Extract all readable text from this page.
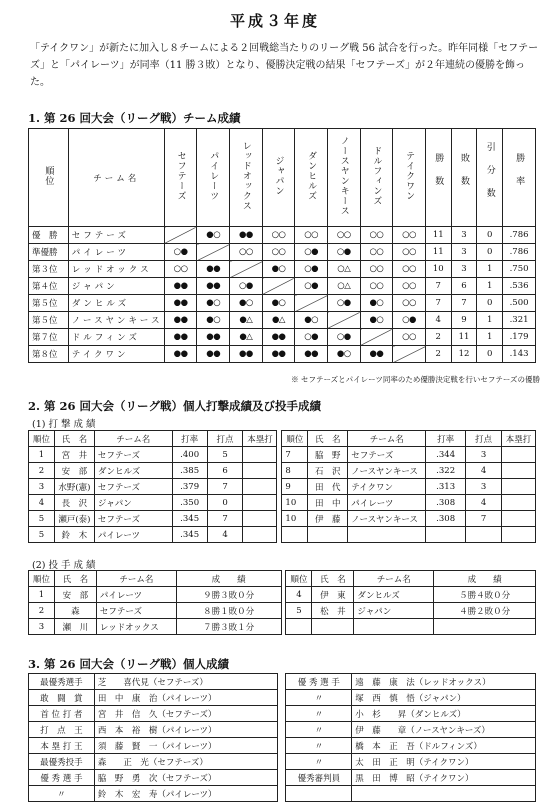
平成３年度
「テイクワン」が新たに加入し８チームによる２回戦総当たりのリーグ戦 56 試合を行った。昨年同様「セフテーズ」と「パイレーツ」が同率（11 勝３敗）となり、優勝決定戦の結果「セフテーズ」が２年連続の優勝を飾った。
1. 第 26 回大会（リーグ戦）チーム成績
順位	チーム名	セフテーズ	パイレーツ	レッドオックス	ジャパン	ダンヒルズ	ノースヤンキース	ドルフィンズ	テイクワン	勝数	敗数	引分数	勝率
優　勝	セフテーズ		●○	●●	○○	○○	○○	○○	○○	11	3	0	.786
準優勝	パイレーツ	○●		○○	○○	○●	○●	○○	○○	11	3	0	.786
第３位	レッドオックス	○○	●●		●○	○●	○△	○○	○○	10	3	1	.750
第４位	ジャパン	●●	●●	○●		○●	○△	○○	○○	7	6	1	.536
第５位	ダンヒルズ	●●	●○	●○	●○		○●	●○	○○	7	7	0	.500
第５位	ノースヤンキース	●●	●○	●△	●△	●○		●○	○●	4	9	1	.321
第７位	ドルフィンズ	●●	●●	●△	●●	○●	○●		○○	2	11	1	.179
第８位	テイクワン	●●	●●	●●	●●	●●	●○	●●		2	12	0	.143
※ セフテーズとパイレーツ同率のため優勝決定戦を行いセフテーズの優勝
2. 第 26 回大会（リーグ戦）個人打撃成績及び投手成績
(1) 打 撃 成 績
順位	氏　名	チーム名	打率	打点	本塁打		順位	氏　名	チーム名	打率	打点	本塁打
1	宮　井	セフテーズ	.400	5			7	脇　野	セフテーズ	.344	3	
2	安　部	ダンヒルズ	.385	6			8	石　沢	ノースヤンキース	.322	4	
3	水野(憲)	セフテーズ	.379	7			9	田　代	テイクワン	.313	3	
4	長　沢	ジャパン	.350	0			10	田　中	パイレーツ	.308	4	
5	瀬戸(泰)	セフテーズ	.345	7			10	伊　藤	ノースヤンキース	.308	7	
5	鈴　木	パイレーツ	.345	4								
(2) 投 手 成 績
順位	氏　名	チーム名	成　　績		順位	氏　名	チーム名	成　　績
1	安　部	パイレーツ	９勝３敗０分		4	伊　東	ダンヒルズ	５勝４敗０分
2	森	セフテーズ	８勝１敗０分		5	松　井	ジャパン	４勝２敗０分
3	瀬　川	レッドオックス	７勝３敗１分					
3. 第 26 回大会（リーグ戦）個人成績
最優秀選手	芝　　喜代見（セフテーズ）		優 秀 選 手	遠　藤　康　法（レッドオックス）
敢　闘　賞	田　中　康　治（パイレーツ）		〃	塚　西　慎　悟（ジャパン）
首 位 打 者	宮　井　信　久（セフテーズ）		〃	小　杉　　昇（ダンヒルズ）
打　点　王	西　本　裕　樹（パイレーツ）		〃	伊　藤　　章（ノースヤンキーズ）
本 塁 打 王	須　藤　賢　一（パイレーツ）		〃	橋　本　正　吾（ドルフィンズ）
最優秀投手	森　　正　光（セフテーズ）		〃	太　田　正　明（テイクワン）
優 秀 選 手	脇　野　勇　次（セフテーズ）		優秀審判員	黒　田　博　昭（テイクワン）
〃	鈴　木　宏　寿（パイレーツ）			
